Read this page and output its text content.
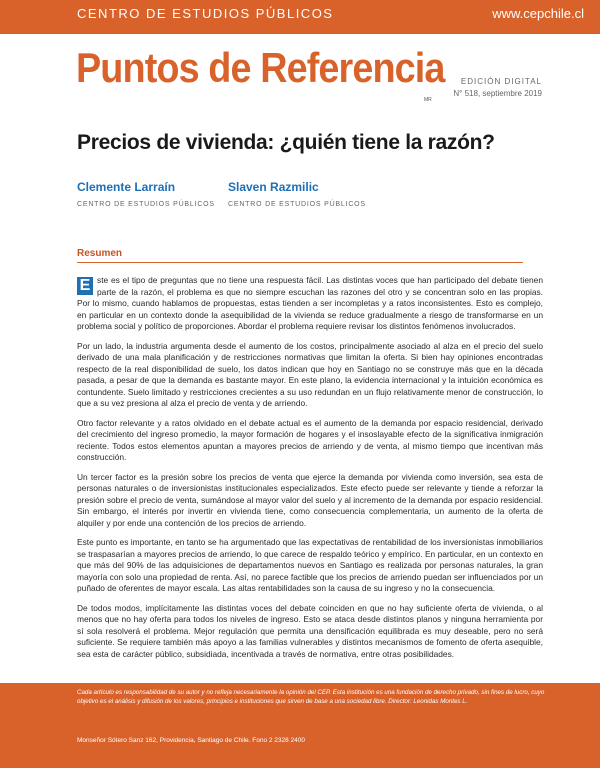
CENTRO DE ESTUDIOS PÚBLICOS	www.cepchile.cl
Puntos de Referencia
MR
EDICIÓN DIGITAL
N° 518, septiembre 2019
Precios de vivienda: ¿quién tiene la razón?
Clemente Larraín
CENTRO DE ESTUDIOS PÚBLICOS
Slaven Razmilic
CENTRO DE ESTUDIOS PÚBLICOS
Resumen

E ste es el tipo de preguntas que no tiene una respuesta fácil. Las distintas voces que han participado del debate tienen parte de la razón, el problema es que no siempre escuchan las razones del otro y se concentran solo en las propias. Por lo mismo, cuando hablamos de propuestas, estas tienden a ser incompletas y a ratos inconsistentes. Esto es complejo, en particular en un contexto donde la asequibilidad de la vivienda se reduce gradualmente a riesgo de transformarse en un problema social y político de proporciones. Abordar el problema requiere revisar los distintos fenómenos involucrados.

Por un lado, la industria argumenta desde el aumento de los costos, principalmente asociado al alza en el precio del suelo derivado de una mala planificación y de restricciones normativas que limitan la oferta. Si bien hay opiniones encontradas respecto de la real disponibilidad de suelo, los datos indican que hoy en Santiago no se construye más que en la década pasada, a pesar de que la demanda es bastante mayor. En este plano, la evidencia internacional y la intuición económica es contundente. Suelo limitado y restricciones crecientes a su uso redundan en un flujo relativamente menor de construcción, lo que a su vez presiona al alza el precio de venta y de arriendo.

Otro factor relevante y a ratos olvidado en el debate actual es el aumento de la demanda por espacio residencial, derivado del crecimiento del ingreso promedio, la mayor formación de hogares y el insoslayable efecto de la significativa inmigración reciente. Todos estos elementos apuntan a mayores precios de arriendo y de venta, al mismo tiempo que incentivan más construcción.

Un tercer factor es la presión sobre los precios de venta que ejerce la demanda por vivienda como inversión, sea esta de personas naturales o de inversionistas institucionales especializados. Este efecto puede ser relevante y tiende a reforzar la presión sobre el precio de venta, sumándose al mayor valor del suelo y al incremento de la demanda por espacio residencial. Sin embargo, el interés por invertir en vivienda tiene, como consecuencia complementaria, un aumento de la oferta de alquiler y por ende una contención de los precios de arriendo.

Este punto es importante, en tanto se ha argumentado que las expectativas de rentabilidad de los inversionistas inmobiliarios se traspasarían a mayores precios de arriendo, lo que carece de respaldo teórico y empírico. En particular, en un contexto en que más del 90% de las adquisiciones de departamentos nuevos en Santiago es realizada por personas naturales, la gran mayoría con solo una propiedad de renta. Así, no parece factible que los precios de arriendo puedan ser influenciados por un puñado de oferentes de mayor escala. Las altas rentabilidades son la causa de su ingreso y no la consecuencia.

De todos modos, implícitamente las distintas voces del debate coinciden en que no hay suficiente oferta de vivienda, o al menos que no hay oferta para todos los niveles de ingreso. Esto se ataca desde distintos planos y ninguna herramienta por sí sola resolverá el problema. Mejor regulación que permita una densificación equilibrada es muy deseable, pero no será suficiente. Se requiere también más apoyo a las familias vulnerables y distintos mecanismos de fomento de oferta asequible, sea esta de carácter público, subsidiada, incentivada a través de normativa, entre otras posibilidades.

Cada artículo es responsabilidad de su autor y no refleja necesariamente la opinión del CEP. Esta institución es una fundación de derecho privado, sin fines de lucro, cuyo objetivo es el análisis y difusión de los valores, principios e instituciones que sirven de base a una sociedad libre. Director: Leonidas Montes L.
Monseñor Sótero Sanz 162, Providencia, Santiago de Chile. Fono 2 2328 2400
